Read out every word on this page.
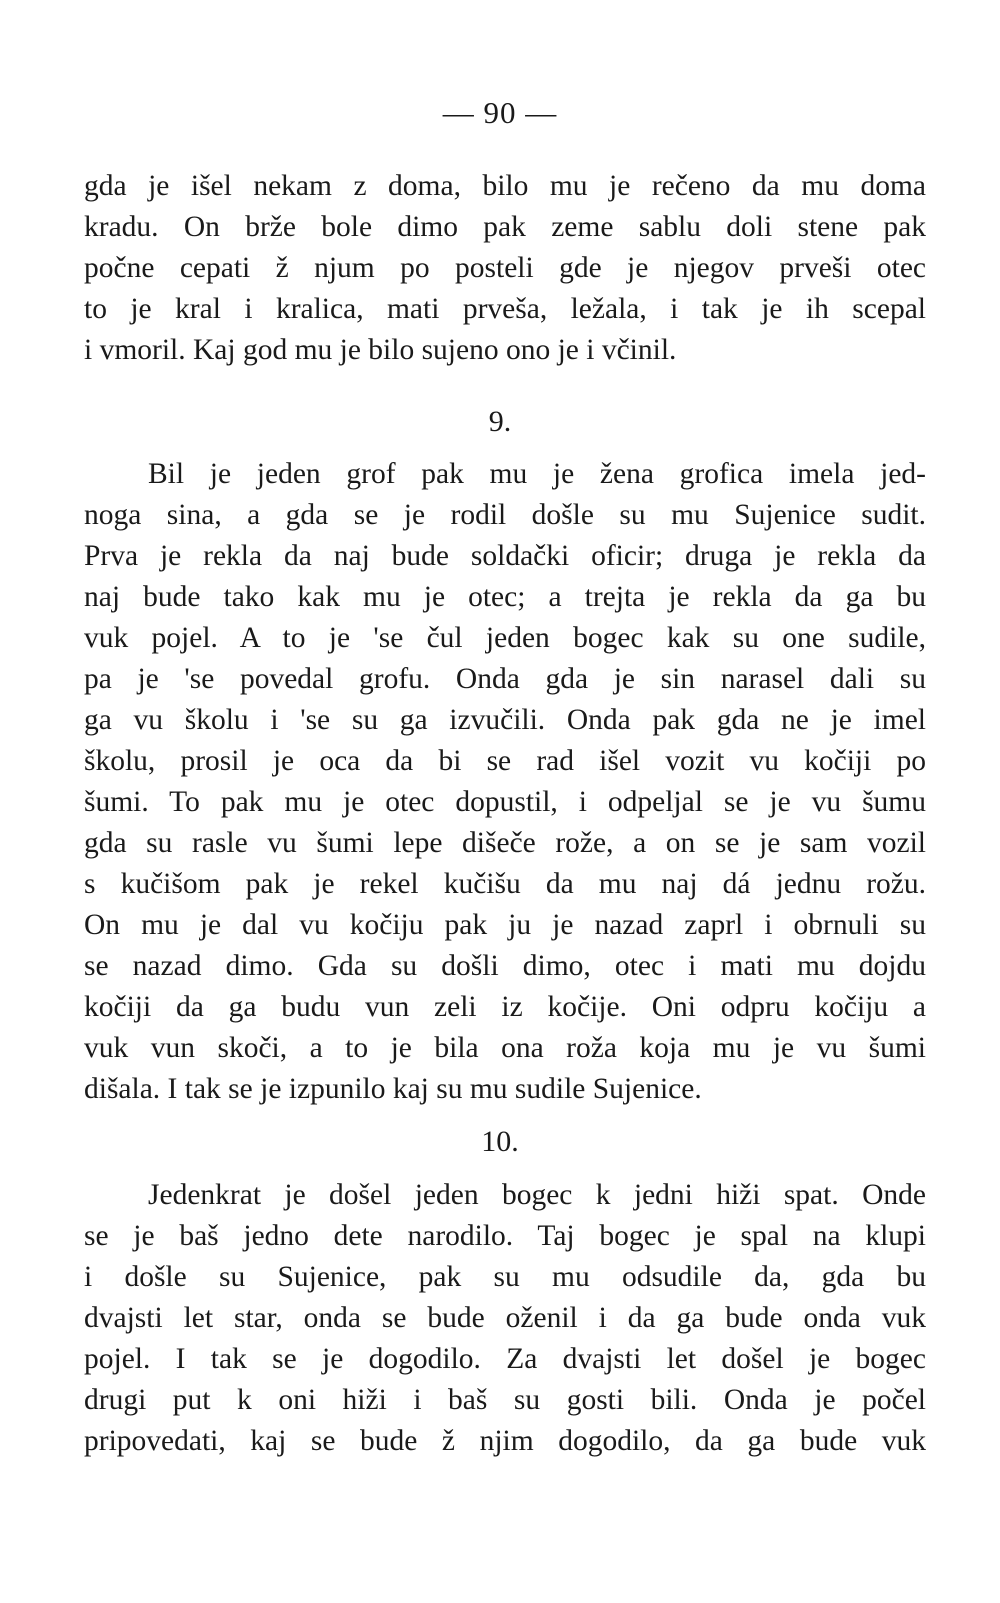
— 90 —
gda je išel nekam z doma, bilo mu je rečeno da mu doma
kradu. On brže bole dimo pak zeme sablu doli stene pak
počne cepati ž njum po posteli gde je njegov prveši otec
to je kral i kralica, mati prveša, ležala, i tak je ih scepal
i vmoril. Kaj god mu je bilo sujeno ono je i včinil.
9.
Bil je jeden grof pak mu je žena grofica imela jed-
noga sina, a gda se je rodil došle su mu Sujenice sudit.
Prva je rekla da naj bude soldački oficir; druga je rekla da
naj bude tako kak mu je otec; a trejta je rekla da ga bu
vuk pojel. A to je 'se čul jeden bogec kak su one sudile,
pa je 'se povedal grofu. Onda gda je sin narasel dali su
ga vu školu i 'se su ga izvučili. Onda pak gda ne je imel
školu, prosil je oca da bi se rad išel vozit vu kočiji po
šumi. To pak mu je otec dopustil, i odpeljal se je vu šumu
gda su rasle vu šumi lepe dišeče rože, a on se je sam vozil
s kučišom pak je rekel kučišu da mu naj dá jednu rožu.
On mu je dal vu kočiju pak ju je nazad zaprl i obrnuli su
se nazad dimo. Gda su došli dimo, otec i mati mu dojdu
kočiji da ga budu vun zeli iz kočije. Oni odpru kočiju a
vuk vun skoči, a to je bila ona roža koja mu je vu šumi
dišala. I tak se je izpunilo kaj su mu sudile Sujenice.
10.
Jedenkrat je došel jeden bogec k jedni hiži spat. Onde
se je baš jedno dete narodilo. Taj bogec je spal na klupi
i došle su Sujenice, pak su mu odsudile da, gda bu
dvajsti let star, onda se bude oženil i da ga bude onda vuk
pojel. I tak se je dogodilo. Za dvajsti let došel je bogec
drugi put k oni hiži i baš su gosti bili. Onda je počel
pripovedati, kaj se bude ž njim dogodilo, da ga bude vuk
